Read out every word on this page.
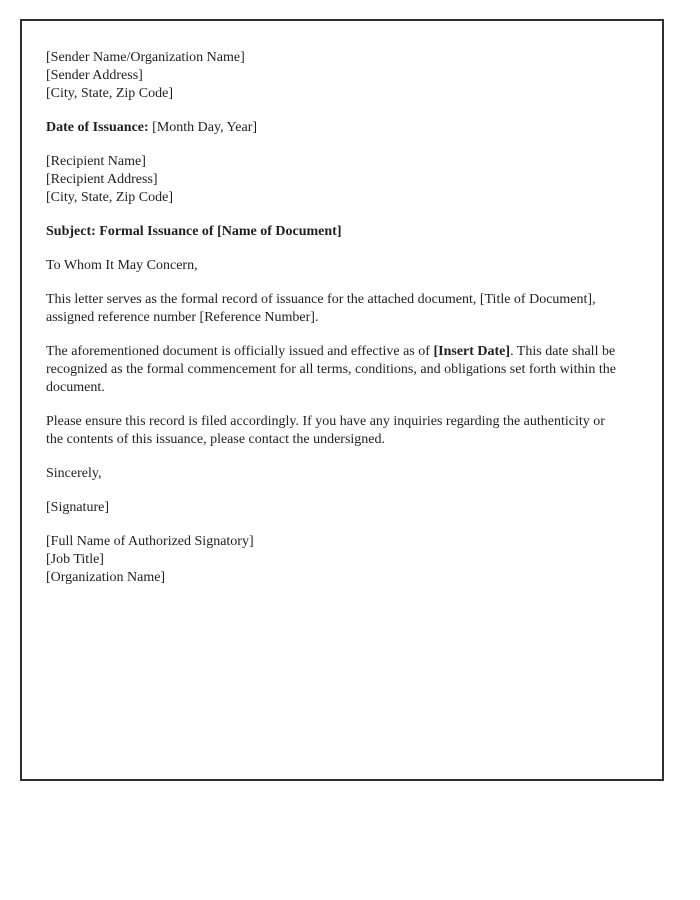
[Sender Name/Organization Name]
[Sender Address]
[City, State, Zip Code]
Date of Issuance: [Month Day, Year]
[Recipient Name]
[Recipient Address]
[City, State, Zip Code]
Subject: Formal Issuance of [Name of Document]

To Whom It May Concern,

This letter serves as the formal record of issuance for the attached document, [Title of Document], assigned reference number [Reference Number].

The aforementioned document is officially issued and effective as of [Insert Date]. This date shall be recognized as the formal commencement for all terms, conditions, and obligations set forth within the document.

Please ensure this record is filed accordingly. If you have any inquiries regarding the authenticity or the contents of this issuance, please contact the undersigned.

Sincerely,

[Signature]

[Full Name of Authorized Signatory]
[Job Title]
[Organization Name]
